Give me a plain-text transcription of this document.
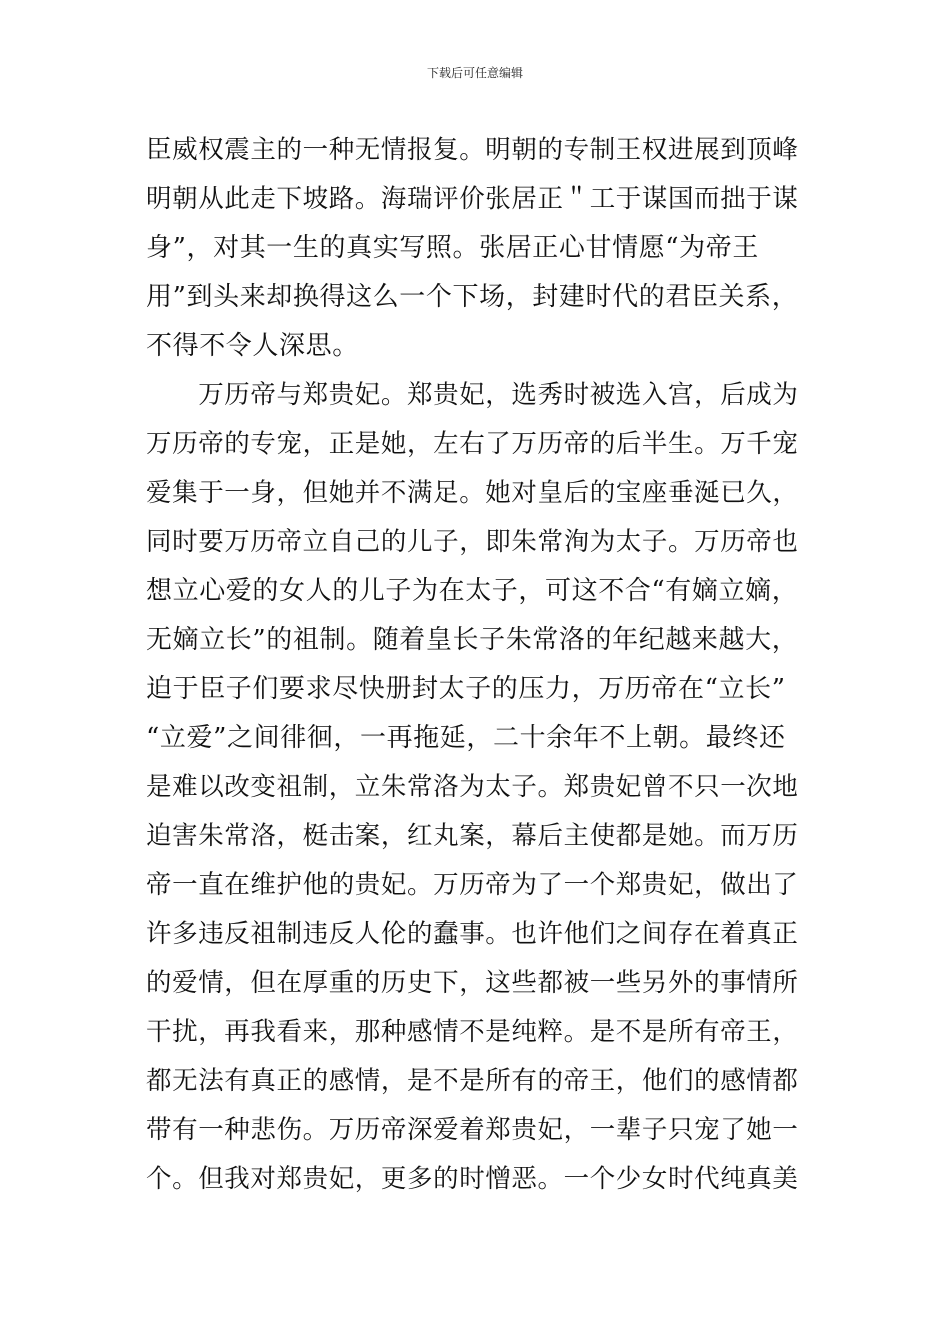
下载后可任意编辑
臣威权震主的一种无情报复。明朝的专制王权进展到顶峰
明朝从此走下坡路。海瑞评价张居正＂工于谋国而拙于谋
身”，对其一生的真实写照。张居正心甘情愿“为帝王
用”到头来却换得这么一个下场，封建时代的君臣关系，
不得不令人深思。
　　万历帝与郑贵妃。郑贵妃，选秀时被选入宫，后成为
万历帝的专宠，正是她，左右了万历帝的后半生。万千宠
爱集于一身，但她并不满足。她对皇后的宝座垂涎已久，
同时要万历帝立自己的儿子，即朱常洵为太子。万历帝也
想立心爱的女人的儿子为在太子，可这不合“有嫡立嫡，
无嫡立长”的祖制。随着皇长子朱常洛的年纪越来越大，
迫于臣子们要求尽快册封太子的压力，万历帝在“立长”
“立爱”之间徘徊，一再拖延，二十余年不上朝。最终还
是难以改变祖制，立朱常洛为太子。郑贵妃曾不只一次地
迫害朱常洛，梃击案，红丸案，幕后主使都是她。而万历
帝一直在维护他的贵妃。万历帝为了一个郑贵妃，做出了
许多违反祖制违反人伦的蠢事。也许他们之间存在着真正
的爱情，但在厚重的历史下，这些都被一些另外的事情所
干扰，再我看来，那种感情不是纯粹。是不是所有帝王，
都无法有真正的感情，是不是所有的帝王，他们的感情都
带有一种悲伤。万历帝深爱着郑贵妃，一辈子只宠了她一
个。但我对郑贵妃，更多的时憎恶。一个少女时代纯真美
